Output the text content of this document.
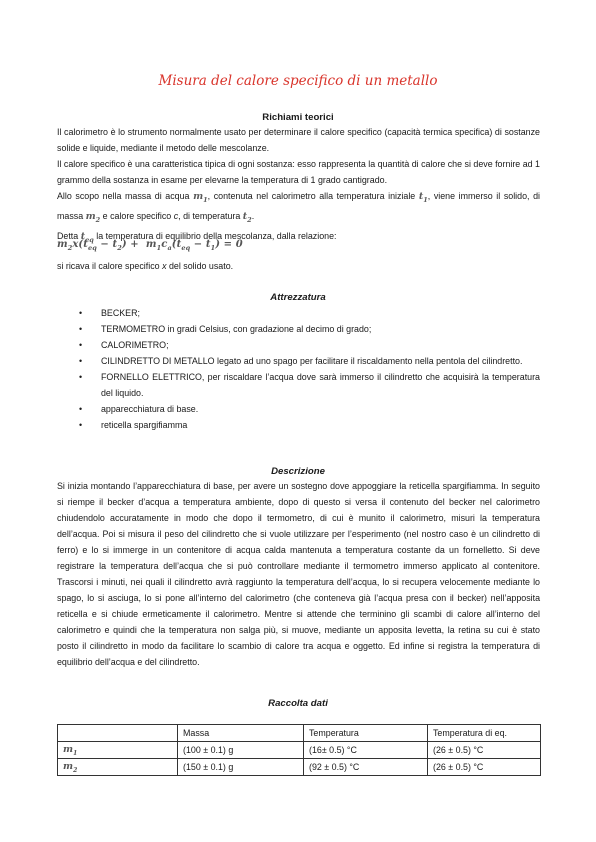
Misura del calore specifico di un metallo
Richiami teorici

Il calorimetro è lo strumento normalmente usato per determinare il calore specifico (capacità termica specifica) di sostanze solide e liquide, mediante il metodo delle mescolanze.

Il calore specifico è una caratteristica tipica di ogni sostanza: esso rappresenta la quantità di calore che si deve fornire ad 1 grammo della sostanza in esame per elevarne la temperatura di 1 grado cantigrado.

Allo scopo nella massa di acqua $m_1$, contenuta nel calorimetro alla temperatura iniziale $t_1$, viene immerso il solido, di massa $m_2$ e calore specifico c, di temperatura $t_2$.

Detta $t_{eq}$ la temperatura di equilibrio della mescolanza, dalla relazione:

$m_2x(t_{eq} - t_2) + m_1c_a(t_{eq} - t_1) = 0$
si ricava il calore specifico x del solido usato.
Attrezzatura
• BECKER;
• TERMOMETRO in gradi Celsius, con gradazione al decimo di grado;
• CALORIMETRO;
• CILINDRETTO DI METALLO legato ad uno spago per facilitare il riscaldamento nella pentola del cilindretto.
• FORNELLO ELETTRICO, per riscaldare l’acqua dove sarà immerso il cilindretto che acquisirà la temperatura del liquido.
• apparecchiatura di base.
• reticella spargifiamma
Descrizione
Si inizia montando l’apparecchiatura di base, per avere un sostegno dove appoggiare la reticella spargifiamma. In seguito si riempe il becker d’acqua a temperatura ambiente, dopo di questo si versa il contenuto del becker nel calorimetro chiudendolo accuratamente in modo che dopo il termometro, di cui è munito il calorimetro, misuri la temperatura dell’acqua. Poi si misura il peso del cilindretto che si vuole utilizzare per l’esperimento (nel nostro caso è un cilindretto di ferro) e lo si immerge in un contenitore di acqua calda mantenuta a temperatura costante da un fornelletto. Si deve registrare la temperatura dell’acqua che si può controllare mediante il termometro immerso applicato al contenitore. Trascorsi i minuti, nei quali il cilindretto avrà raggiunto la temperatura dell’acqua, lo si recupera velocemente mediante lo spago, lo si asciuga, lo si pone all’interno del calorimetro (che conteneva già l’acqua presa con il becker) nell’apposita reticella e si chiude ermeticamente il calorimetro. Mentre si attende che terminino gli scambi di calore all’interno del calorimetro e quindi che la temperatura non salga più, si muove, mediante un apposita levetta, la retina su cui è stato posto il cilindretto in modo da facilitare lo scambio di calore tra acqua e oggetto. Ed infine si registra la temperatura di equilibrio dell’acqua e del cilindretto.
Raccolta dati
	Massa	Temperatura	Temperatura di eq.
$m_1$	(100 ± 0.1) g	(16± 0.5) °C	(26 ± 0.5) °C
$m_2$	(150 ± 0.1) g	(92 ± 0.5) °C	(26 ± 0.5) °C
